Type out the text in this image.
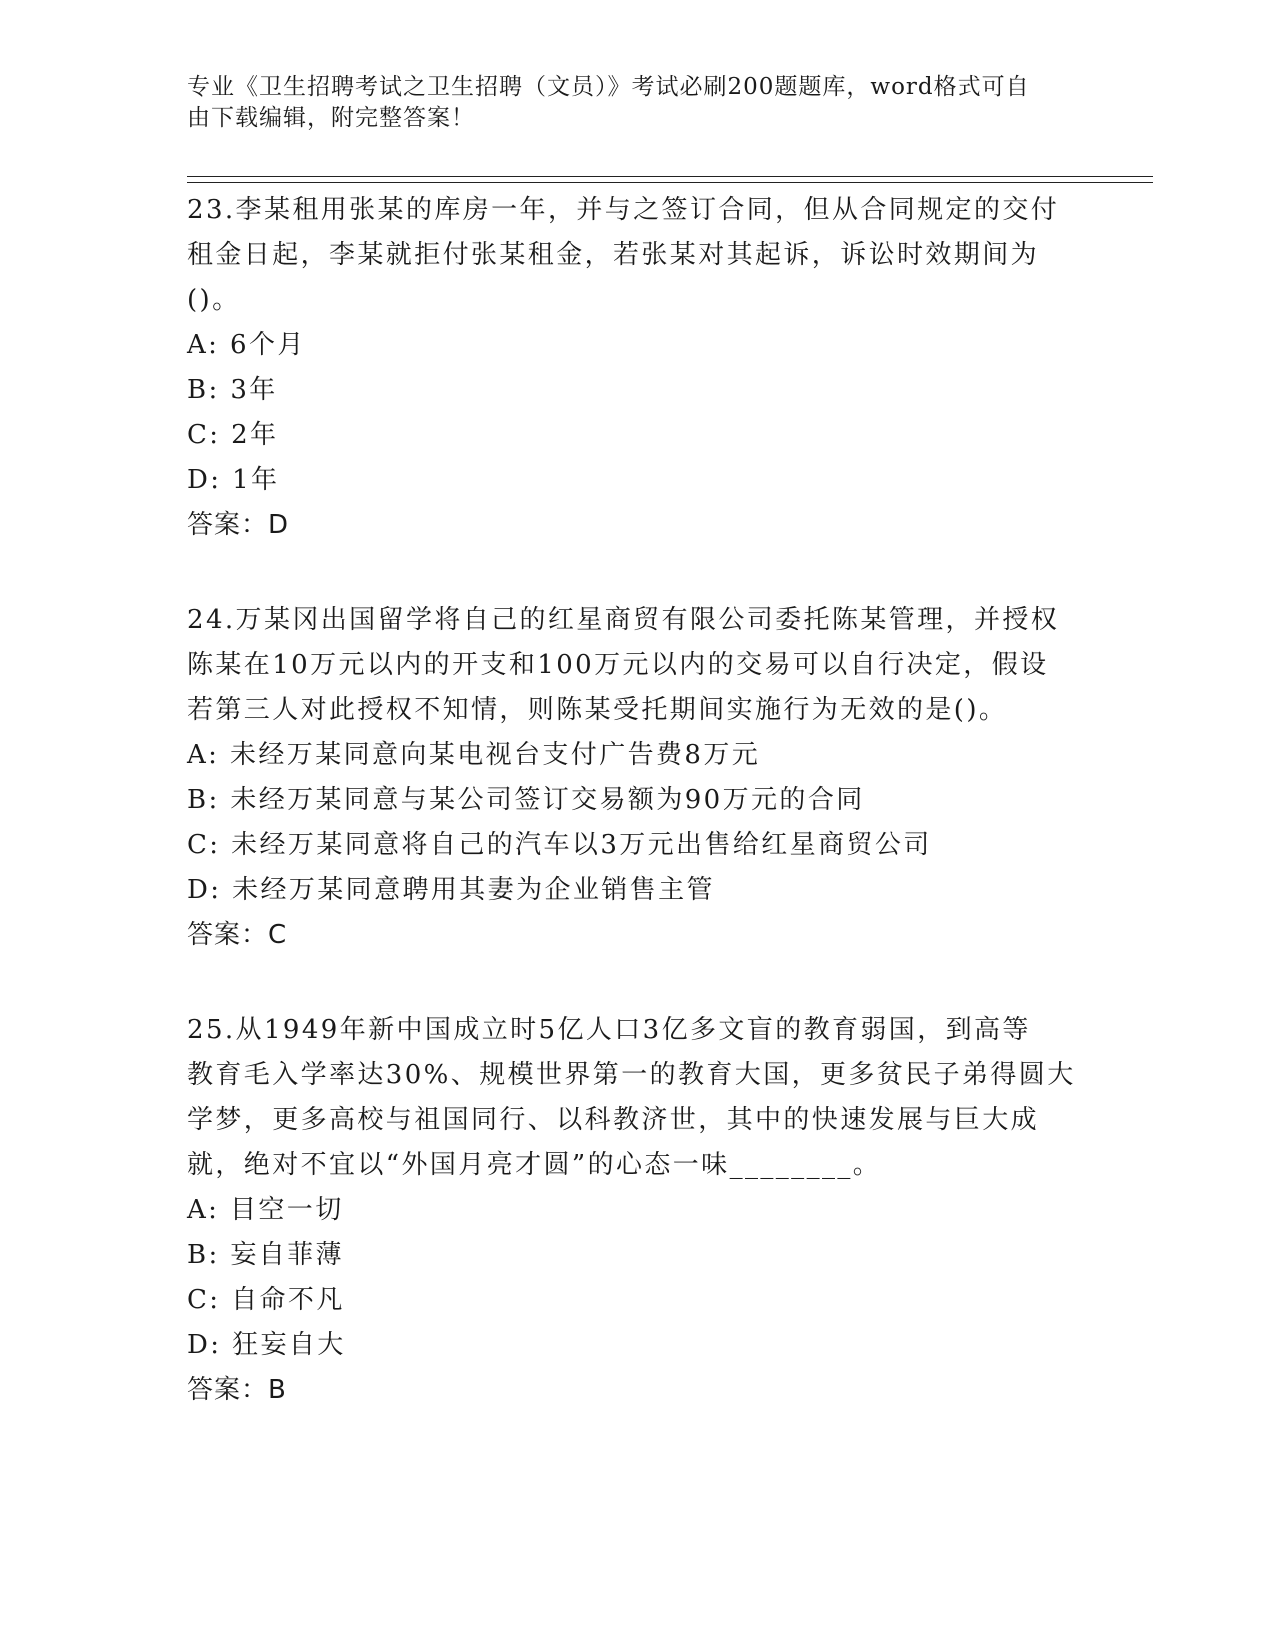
专业《卫生招聘考试之卫生招聘（文员）》考试必刷200题题库，word格式可自
由下载编辑，附完整答案！

23.李某租用张某的库房一年，并与之签订合同，但从合同规定的交付

租金日起，李某就拒付张某租金，若张某对其起诉，诉讼时效期间为

()。

A: 6个月

B: 3年

C: 2年

D: 1年

答案：D

24.万某冈出国留学将自己的红星商贸有限公司委托陈某管理，并授权

陈某在10万元以内的开支和100万元以内的交易可以自行决定，假设

若第三人对此授权不知情，则陈某受托期间实施行为无效的是()。

A: 未经万某同意向某电视台支付广告费8万元

B: 未经万某同意与某公司签订交易额为90万元的合同

C: 未经万某同意将自己的汽车以3万元出售给红星商贸公司

D: 未经万某同意聘用其妻为企业销售主管

答案：C

25.从1949年新中国成立时5亿人口3亿多文盲的教育弱国，到高等

教育毛入学率达30%、规模世界第一的教育大国，更多贫民子弟得圆大

学梦，更多高校与祖国同行、以科教济世，其中的快速发展与巨大成

就，绝对不宜以“外国月亮才圆”的心态一味________。

A: 目空一切

B: 妄自菲薄

C: 自命不凡

D: 狂妄自大

答案：B
